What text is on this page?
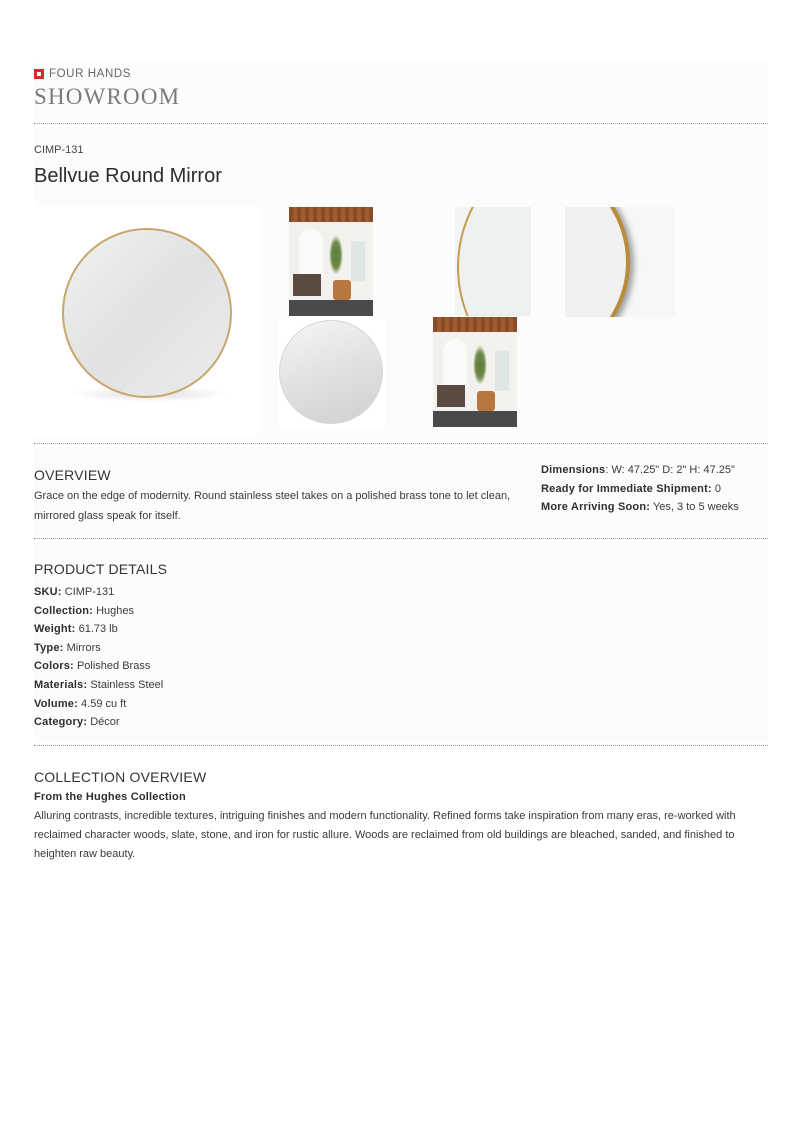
FOUR HANDS
SHOWROOM
CIMP-131
Bellvue Round Mirror
OVERVIEW
Grace on the edge of modernity. Round stainless steel takes on a polished brass tone to let clean, mirrored glass speak for itself.
Dimensions: W: 47.25" D: 2" H: 47.25"
Ready for Immediate Shipment: 0
More Arriving Soon: Yes, 3 to 5 weeks
PRODUCT DETAILS
SKU: CIMP-131
Collection: Hughes
Weight: 61.73 lb
Type: Mirrors
Colors: Polished Brass
Materials: Stainless Steel
Volume: 4.59 cu ft
Category: Décor
COLLECTION OVERVIEW
From the Hughes Collection
Alluring contrasts, incredible textures, intriguing finishes and modern functionality. Refined forms take inspiration from many eras, re-worked with reclaimed character woods, slate, stone, and iron for rustic allure. Woods are reclaimed from old buildings are bleached, sanded, and finished to heighten raw beauty.
